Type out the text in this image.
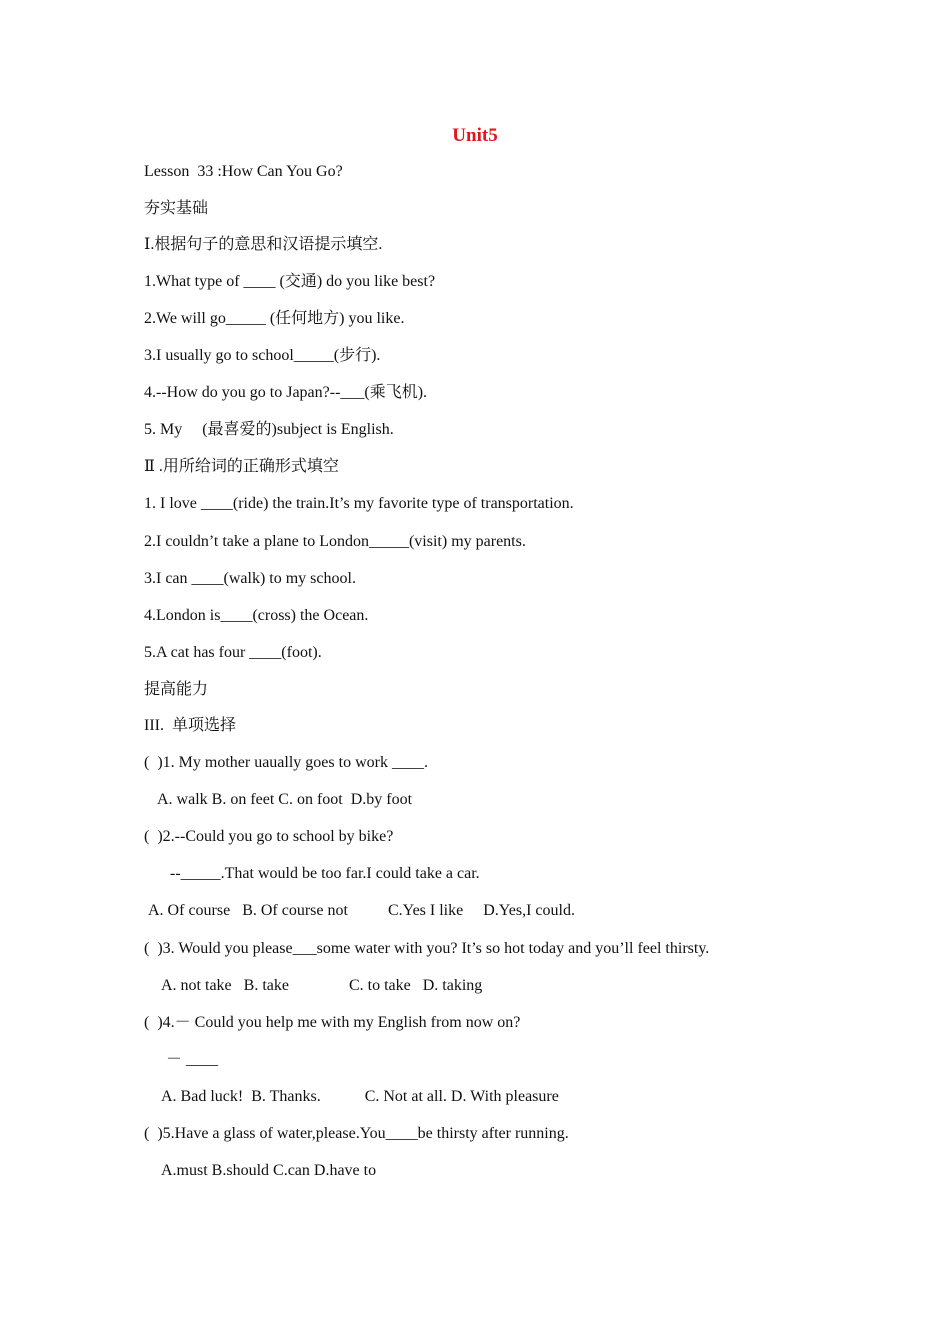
Unit5
Lesson  33 :How Can You Go?
夯实基础
Ⅰ.根据句子的意思和汉语提示填空.
1.What type of ____ (交通) do you like best?
2.We will go_____ (任何地方) you like.
3.I usually go to school_____(步行).
4.--How do you go to Japan?--___(乘飞机).
5. My     (最喜爱的)subject is English.
Ⅱ .用所给词的正确形式填空
1. I love ____(ride) the train.It’s my favorite type of transportation.
2.I couldn’t take a plane to London_____(visit) my parents.
3.I can ____(walk) to my school.
4.London is____(cross) the Ocean.
5.A cat has four ____(foot).
提高能力
III.  单项选择
(  )1. My mother uaually goes to work ____.
A. walk B. on feet C. on foot  D.by foot
(  )2.--Could you go to school by bike?
--_____.That would be too far.I could take a car.
A. Of course   B. Of course not          C.Yes I like     D.Yes,I could.
(  )3. Would you please___some water with you? It’s so hot today and you’ll feel thirsty.
A. not take   B. take               C. to take   D. taking
(  )4.－ Could you help me with my English from now on?
－ ____
A. Bad luck!  B. Thanks.           C. Not at all. D. With pleasure
(  )5.Have a glass of water,please.You____be thirsty after running.
A.must B.should C.can D.have to
